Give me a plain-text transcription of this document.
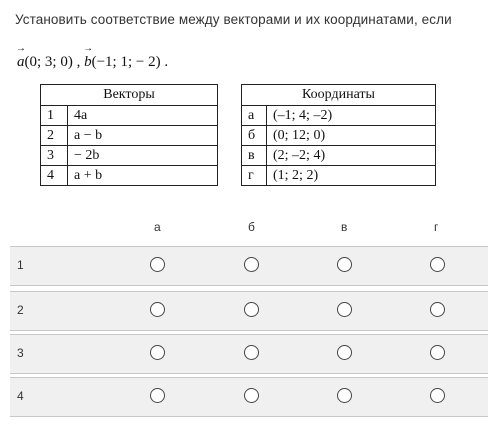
Установить соответствие между векторами и их координатами, если
→ a(0; 3; 0) , → b(−1; 1; − 2) .
Векторы	
1	4a
2	a − b
3	− 2b
4	a + b
Координаты	
а	(–1; 4; –2)
б	(0; 12; 0)
в	(2; –2; 4)
г	(1; 2; 2)
а	б	в	г
1
2
3
4
